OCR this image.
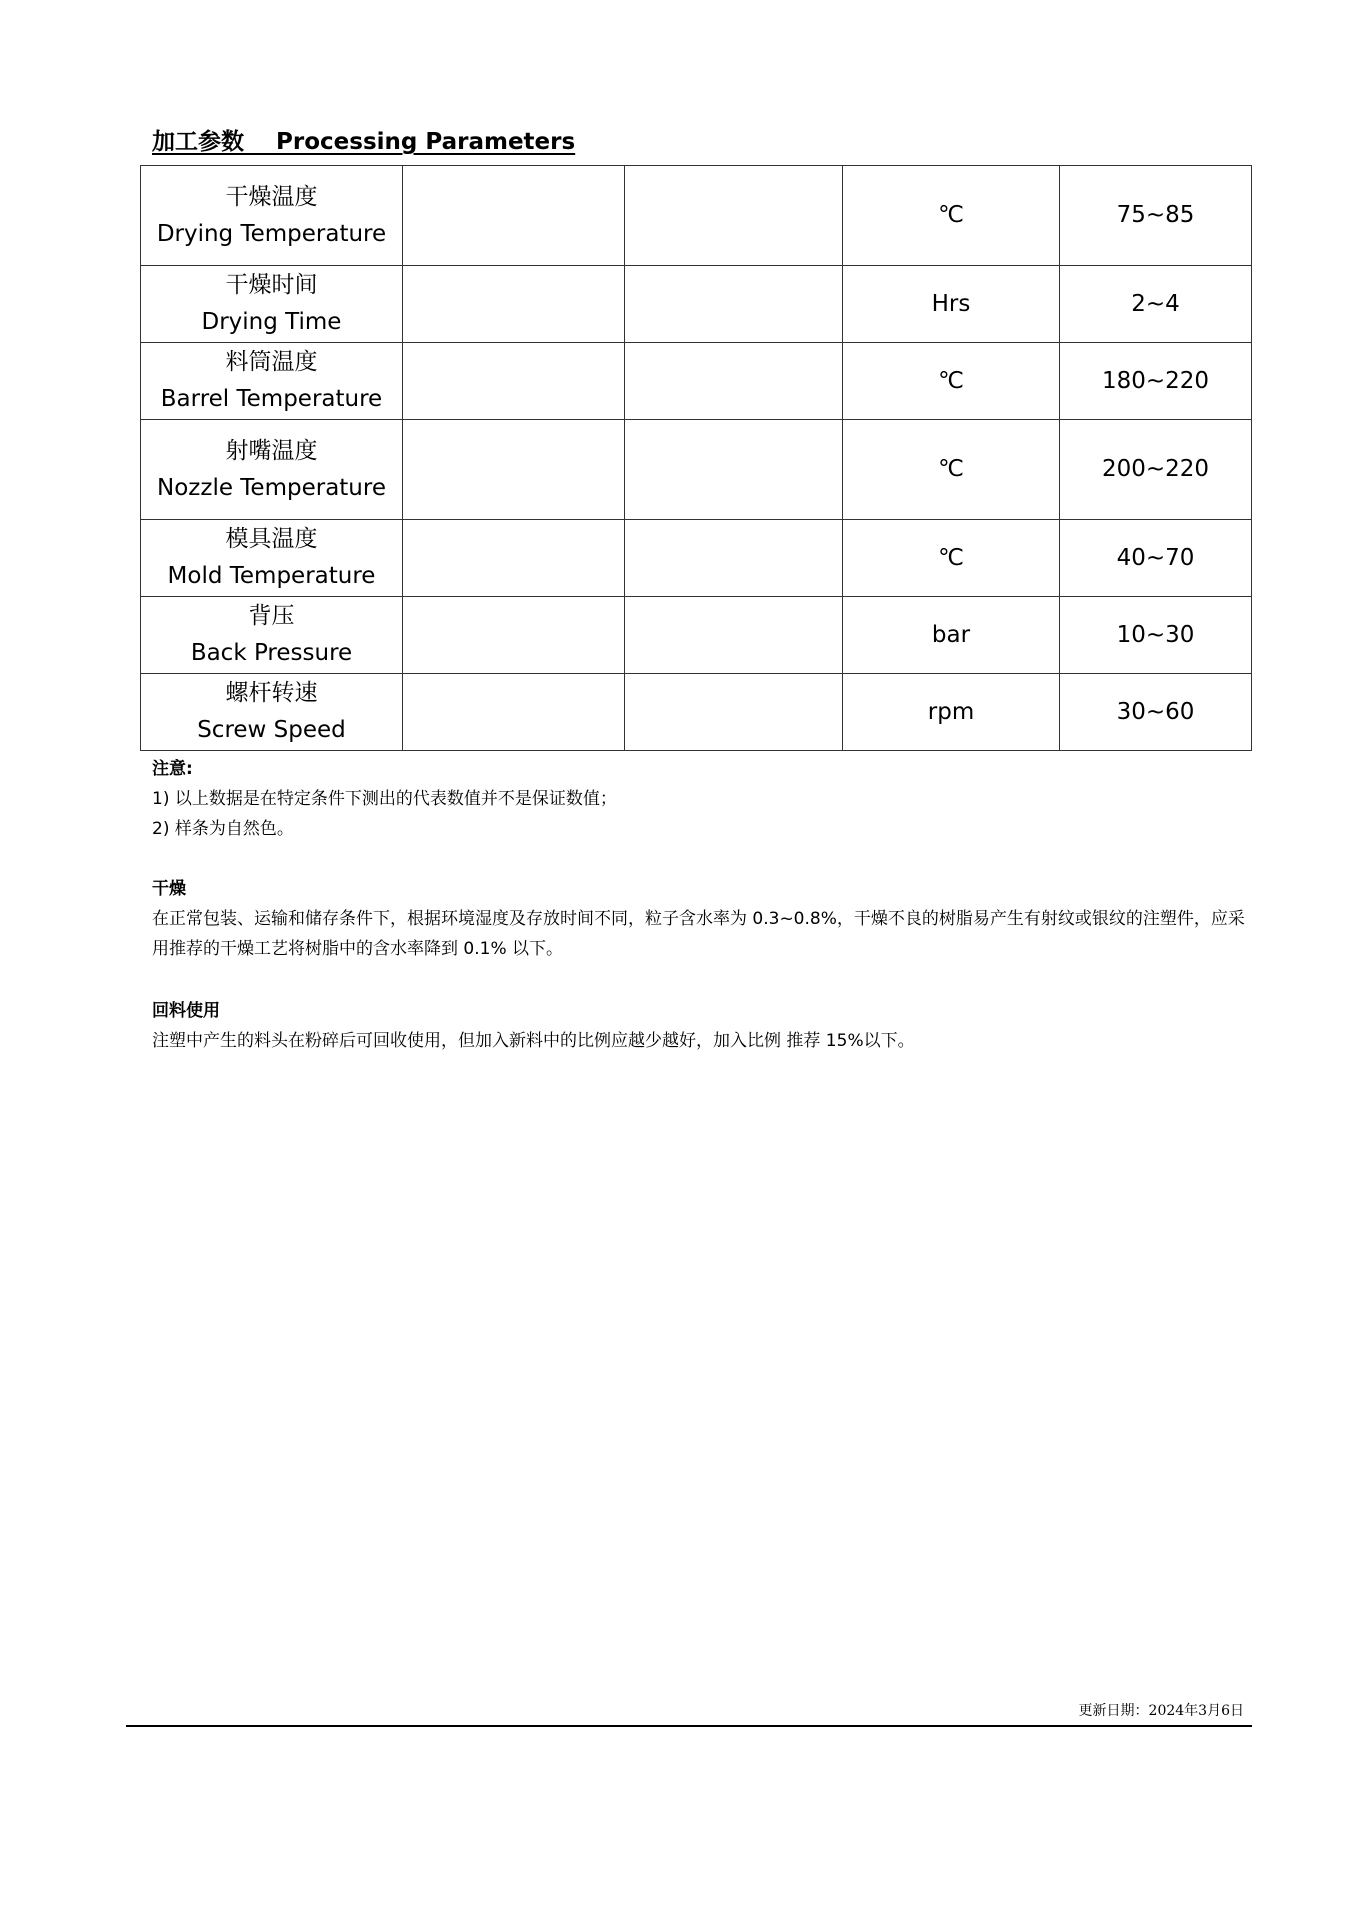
加工参数    Processing Parameters
干燥温度
Drying Temperature			℃	75~85

干燥时间
Drying Time			Hrs	2~4

料筒温度
Barrel Temperature			℃	180~220

射嘴温度
Nozzle Temperature			℃	200~220

模具温度
Mold Temperature			℃	40~70

背压
Back Pressure			bar	10~30

螺杆转速
Screw Speed			rpm	30~60
注意:
1) 以上数据是在特定条件下测出的代表数值并不是保证数值；
2) 样条为自然色。
干燥
在正常包装、运输和储存条件下，根据环境湿度及存放时间不同，粒子含水率为 0.3~0.8%，干燥不良的树脂易产生有射纹或银纹的注塑件，应采用推荐的干燥工艺将树脂中的含水率降到 0.1% 以下。
回料使用
注塑中产生的料头在粉碎后可回收使用，但加入新料中的比例应越少越好，加入比例 推荐 15%以下。
更新日期：2024年3月6日
